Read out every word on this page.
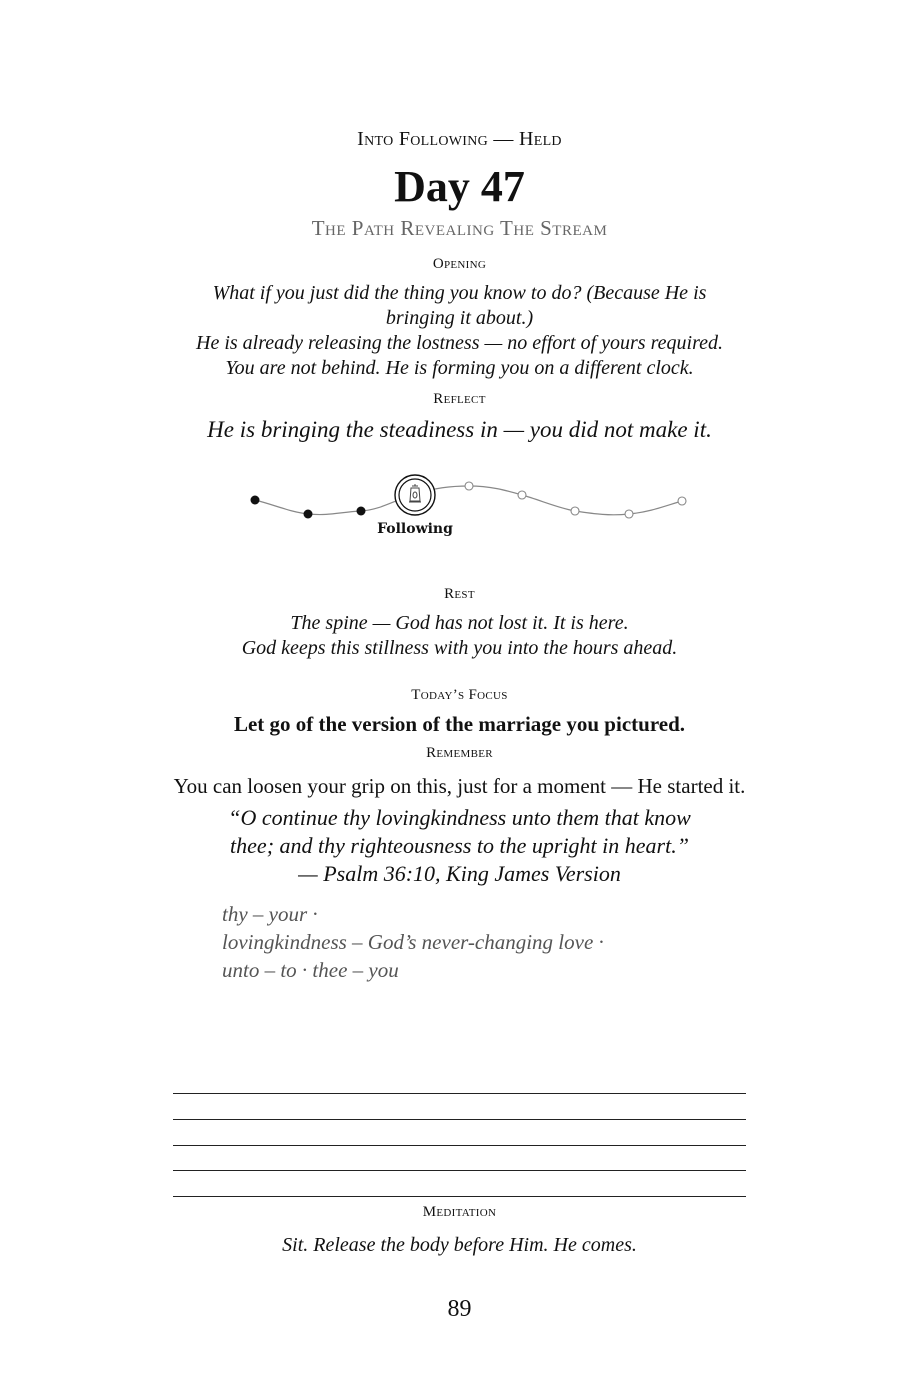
Into Following — Held

Day 47

The Path Revealing The Stream

Opening

What if you just did the thing you know to do? (Because He is
bringing it about.)
He is already releasing the lostness — no effort of yours required.
You are not behind. He is forming you on a different clock.

Reflect

He is bringing the steadiness in — you did not make it.

Following

Rest

The spine — God has not lost it. It is here.
God keeps this stillness with you into the hours ahead.

Today’s Focus

Let go of the version of the marriage you pictured.

Remember

You can loosen your grip on this, just for a moment — He started it.

“O continue thy lovingkindness unto them that know
thee; and thy righteousness to the upright in heart.”
— Psalm 36:10, King James Version
thy – your ·
lovingkindness – God’s never-changing love ·
unto – to · thee – you

Meditation

Sit. Release the body before Him. He comes.

89
